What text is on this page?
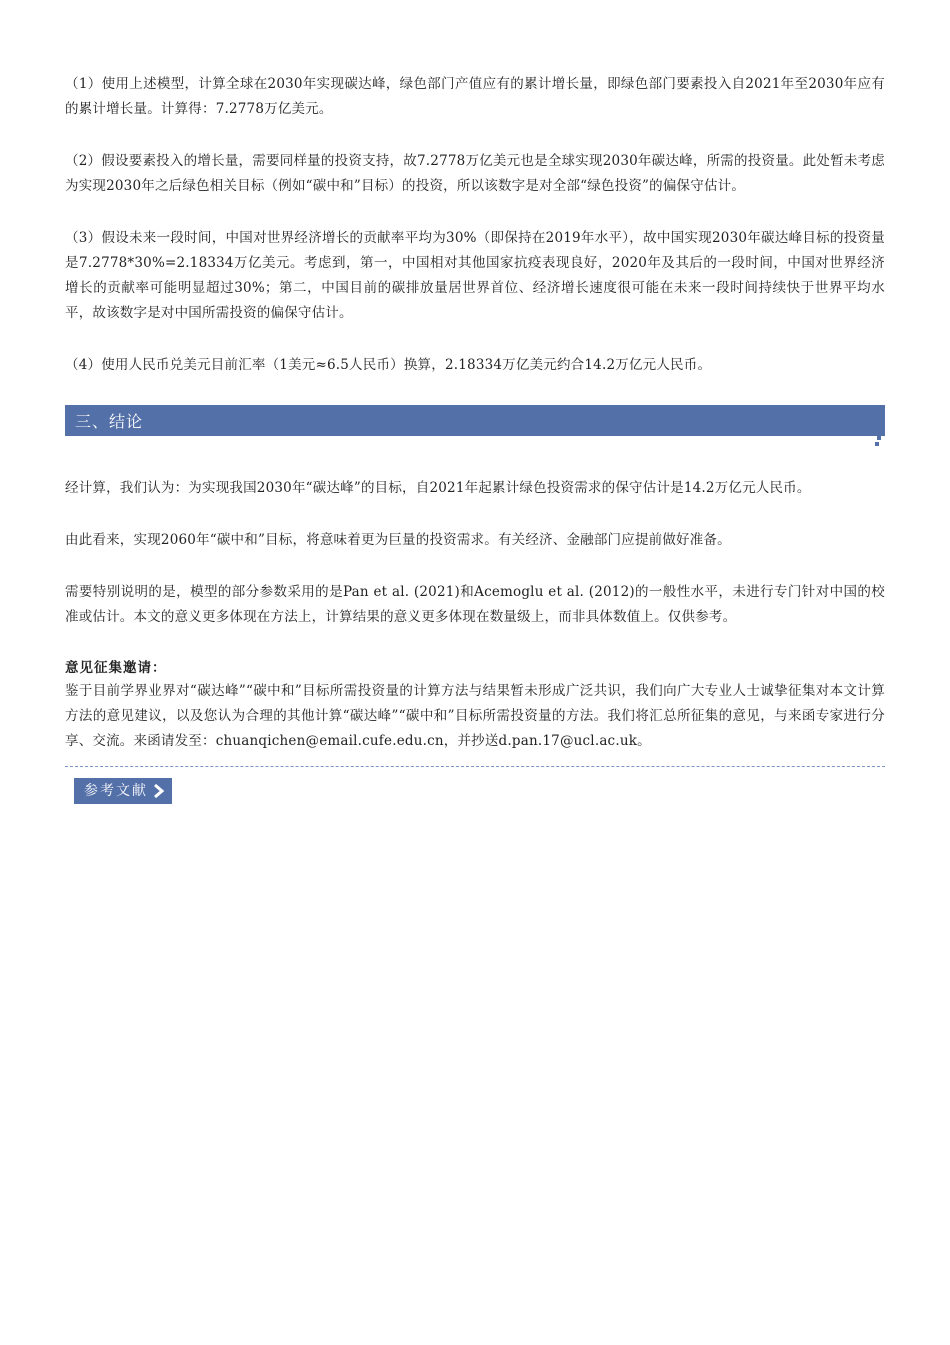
（1）使用上述模型，计算全球在2030年实现碳达峰，绿色部门产值应有的累计增长量，即绿色部门要素投入自2021年至2030年应有的累计增长量。计算得：7.2778万亿美元。

（2）假设要素投入的增长量，需要同样量的投资支持，故7.2778万亿美元也是全球实现2030年碳达峰，所需的投资量。此处暂未考虑为实现2030年之后绿色相关目标（例如“碳中和”目标）的投资，所以该数字是对全部“绿色投资”的偏保守估计。

（3）假设未来一段时间，中国对世界经济增长的贡献率平均为30%（即保持在2019年水平），故中国实现2030年碳达峰目标的投资量是7.2778*30%=2.18334万亿美元。考虑到，第一，中国相对其他国家抗疫表现良好，2020年及其后的一段时间，中国对世界经济增长的贡献率可能明显超过30%；第二，中国目前的碳排放量居世界首位、经济增长速度很可能在未来一段时间持续快于世界平均水平，故该数字是对中国所需投资的偏保守估计。

（4）使用人民币兑美元目前汇率（1美元≈6.5人民币）换算，2.18334万亿美元约合14.2万亿元人民币。

三、结论

经计算，我们认为：为实现我国2030年“碳达峰”的目标，自2021年起累计绿色投资需求的保守估计是14.2万亿元人民币。

由此看来，实现2060年“碳中和”目标，将意味着更为巨量的投资需求。有关经济、金融部门应提前做好准备。

需要特别说明的是，模型的部分参数采用的是Pan et al. (2021)和Acemoglu et al. (2012)的一般性水平，未进行专门针对中国的校准或估计。本文的意义更多体现在方法上，计算结果的意义更多体现在数量级上，而非具体数值上。仅供参考。

意见征集邀请：

鉴于目前学界业界对“碳达峰”“碳中和”目标所需投资量的计算方法与结果暂未形成广泛共识，我们向广大专业人士诚挚征集对本文计算方法的意见建议，以及您认为合理的其他计算“碳达峰”“碳中和”目标所需投资量的方法。我们将汇总所征集的意见，与来函专家进行分享、交流。来函请发至：chuanqichen@email.cufe.edu.cn，并抄送d.pan.17@ucl.ac.uk。

参考文献
